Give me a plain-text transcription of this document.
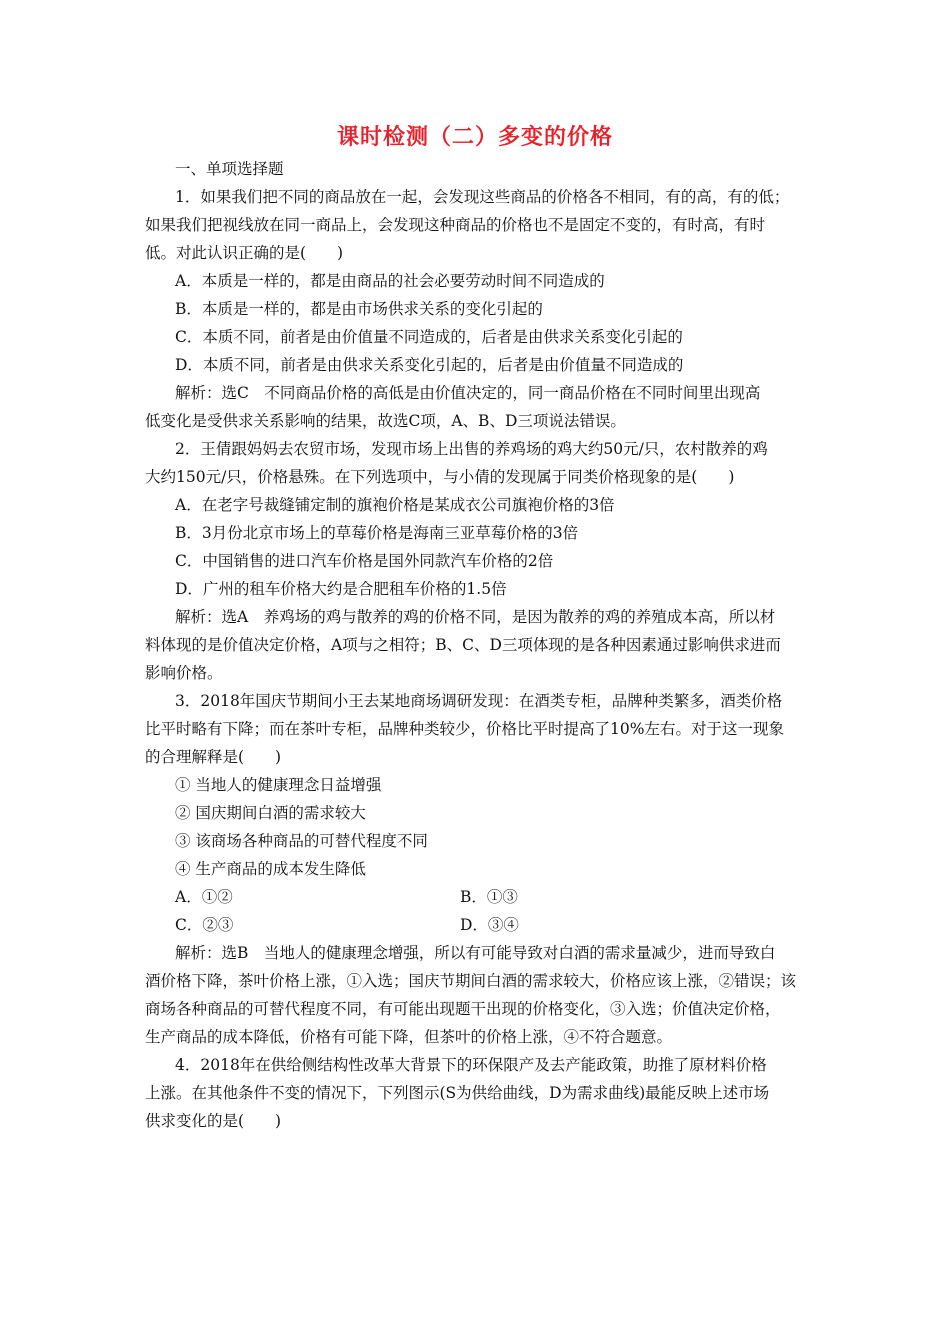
课时检测（二）多变的价格
一、单项选择题
1．如果我们把不同的商品放在一起，会发现这些商品的价格各不相同，有的高，有的低；
如果我们把视线放在同一商品上，会发现这种商品的价格也不是固定不变的，有时高，有时
低。对此认识正确的是(　　)
A．本质是一样的，都是由商品的社会必要劳动时间不同造成的
B．本质是一样的，都是由市场供求关系的变化引起的
C．本质不同，前者是由价值量不同造成的，后者是由供求关系变化引起的
D．本质不同，前者是由供求关系变化引起的，后者是由价值量不同造成的
解析：选C　不同商品价格的高低是由价值决定的，同一商品价格在不同时间里出现高
低变化是受供求关系影响的结果，故选C项，A、B、D三项说法错误。
2．王倩跟妈妈去农贸市场，发现市场上出售的养鸡场的鸡大约50元/只，农村散养的鸡
大约150元/只，价格悬殊。在下列选项中，与小倩的发现属于同类价格现象的是(　　)
A．在老字号裁缝铺定制的旗袍价格是某成衣公司旗袍价格的3倍
B．3月份北京市场上的草莓价格是海南三亚草莓价格的3倍
C．中国销售的进口汽车价格是国外同款汽车价格的2倍
D．广州的租车价格大约是合肥租车价格的1.5倍
解析：选A　养鸡场的鸡与散养的鸡的价格不同，是因为散养的鸡的养殖成本高，所以材
料体现的是价值决定价格，A项与之相符；B、C、D三项体现的是各种因素通过影响供求进而
影响价格。
3．2018年国庆节期间小王去某地商场调研发现：在酒类专柜，品牌种类繁多，酒类价格
比平时略有下降；而在茶叶专柜，品牌种类较少，价格比平时提高了10%左右。对于这一现象
的合理解释是(　　)
① 当地人的健康理念日益增强
② 国庆期间白酒的需求较大
③ 该商场各种商品的可替代程度不同
④ 生产商品的成本发生降低
A．①②	B．①③
C．②③	D．③④
解析：选B　当地人的健康理念增强，所以有可能导致对白酒的需求量减少，进而导致白
酒价格下降，茶叶价格上涨，①入选；国庆节期间白酒的需求较大，价格应该上涨，②错误；该
商场各种商品的可替代程度不同，有可能出现题干出现的价格变化，③入选；价值决定价格，
生产商品的成本降低，价格有可能下降，但茶叶的价格上涨，④不符合题意。
4．2018年在供给侧结构性改革大背景下的环保限产及去产能政策，助推了原材料价格
上涨。在其他条件不变的情况下，下列图示(S为供给曲线，D为需求曲线)最能反映上述市场
供求变化的是(　　)
